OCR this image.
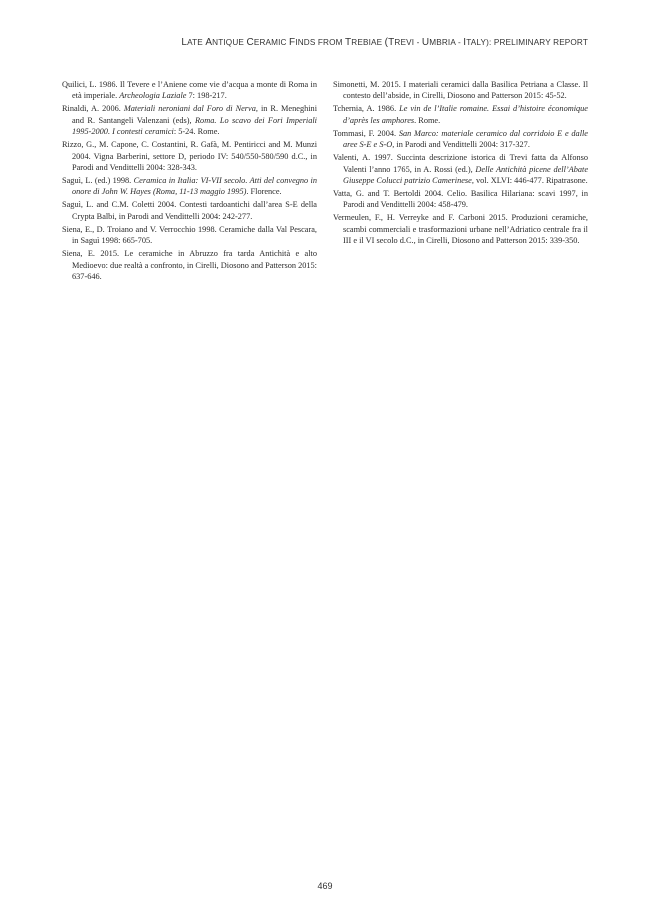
LATE ANTIQUE CERAMIC FINDS FROM TREBIAE (TREVI - UMBRIA - ITALY): PRELIMINARY REPORT

Quilici, L. 1986. Il Tevere e l’Aniene come vie d’acqua a monte di Roma in età imperiale. Archeologia Laziale 7: 198-217.

Rinaldi, A. 2006. Materiali neroniani dal Foro di Nerva, in R. Meneghini and R. Santangeli Valenzani (eds), Roma. Lo scavo dei Fori Imperiali 1995-2000. I contesti ceramici: 5-24. Rome.

Rizzo, G., M. Capone, C. Costantini, R. Gafà, M. Pentiricci and M. Munzi 2004. Vigna Barberini, settore D, periodo IV: 540/550-580/590 d.C., in Parodi and Vendittelli 2004: 328-343.

Saguì, L. (ed.) 1998. Ceramica in Italia: VI-VII secolo. Atti del convegno in onore di John W. Hayes (Roma, 11-13 maggio 1995). Florence.

Saguì, L. and C.M. Coletti 2004. Contesti tardoantichi dall’area S-E della Crypta Balbi, in Parodi and Vendittelli 2004: 242-277.

Siena, E., D. Troiano and V. Verrocchio 1998. Ceramiche dalla Val Pescara, in Saguì 1998: 665-705.

Siena, E. 2015. Le ceramiche in Abruzzo fra tarda Antichità e alto Medioevo: due realtà a confronto, in Cirelli, Diosono and Patterson 2015: 637-646.

Simonetti, M. 2015. I materiali ceramici dalla Basilica Petriana a Classe. Il contesto dell’abside, in Cirelli, Diosono and Patterson 2015: 45-52.

Tchernia, A. 1986. Le vin de l’Italie romaine. Essai d’histoire économique d’après les amphores. Rome.

Tommasi, F. 2004. San Marco: materiale ceramico dal corridoio E e dalle aree S-E e S-O, in Parodi and Vendittelli 2004: 317-327.

Valenti, A. 1997. Succinta descrizione istorica di Trevi fatta da Alfonso Valenti l’anno 1765, in A. Rossi (ed.), Delle Antichità picene dell’Abate Giuseppe Colucci patrizio Camerinese, vol. XLVI: 446-477. Ripatrasone.

Vatta, G. and T. Bertoldi 2004. Celio. Basilica Hilariana: scavi 1997, in Parodi and Vendittelli 2004: 458-479.

Vermeulen, F., H. Verreyke and F. Carboni 2015. Produzioni ceramiche, scambi commerciali e trasformazioni urbane nell’Adriatico centrale fra il III e il VI secolo d.C., in Cirelli, Diosono and Patterson 2015: 339-350.

469
